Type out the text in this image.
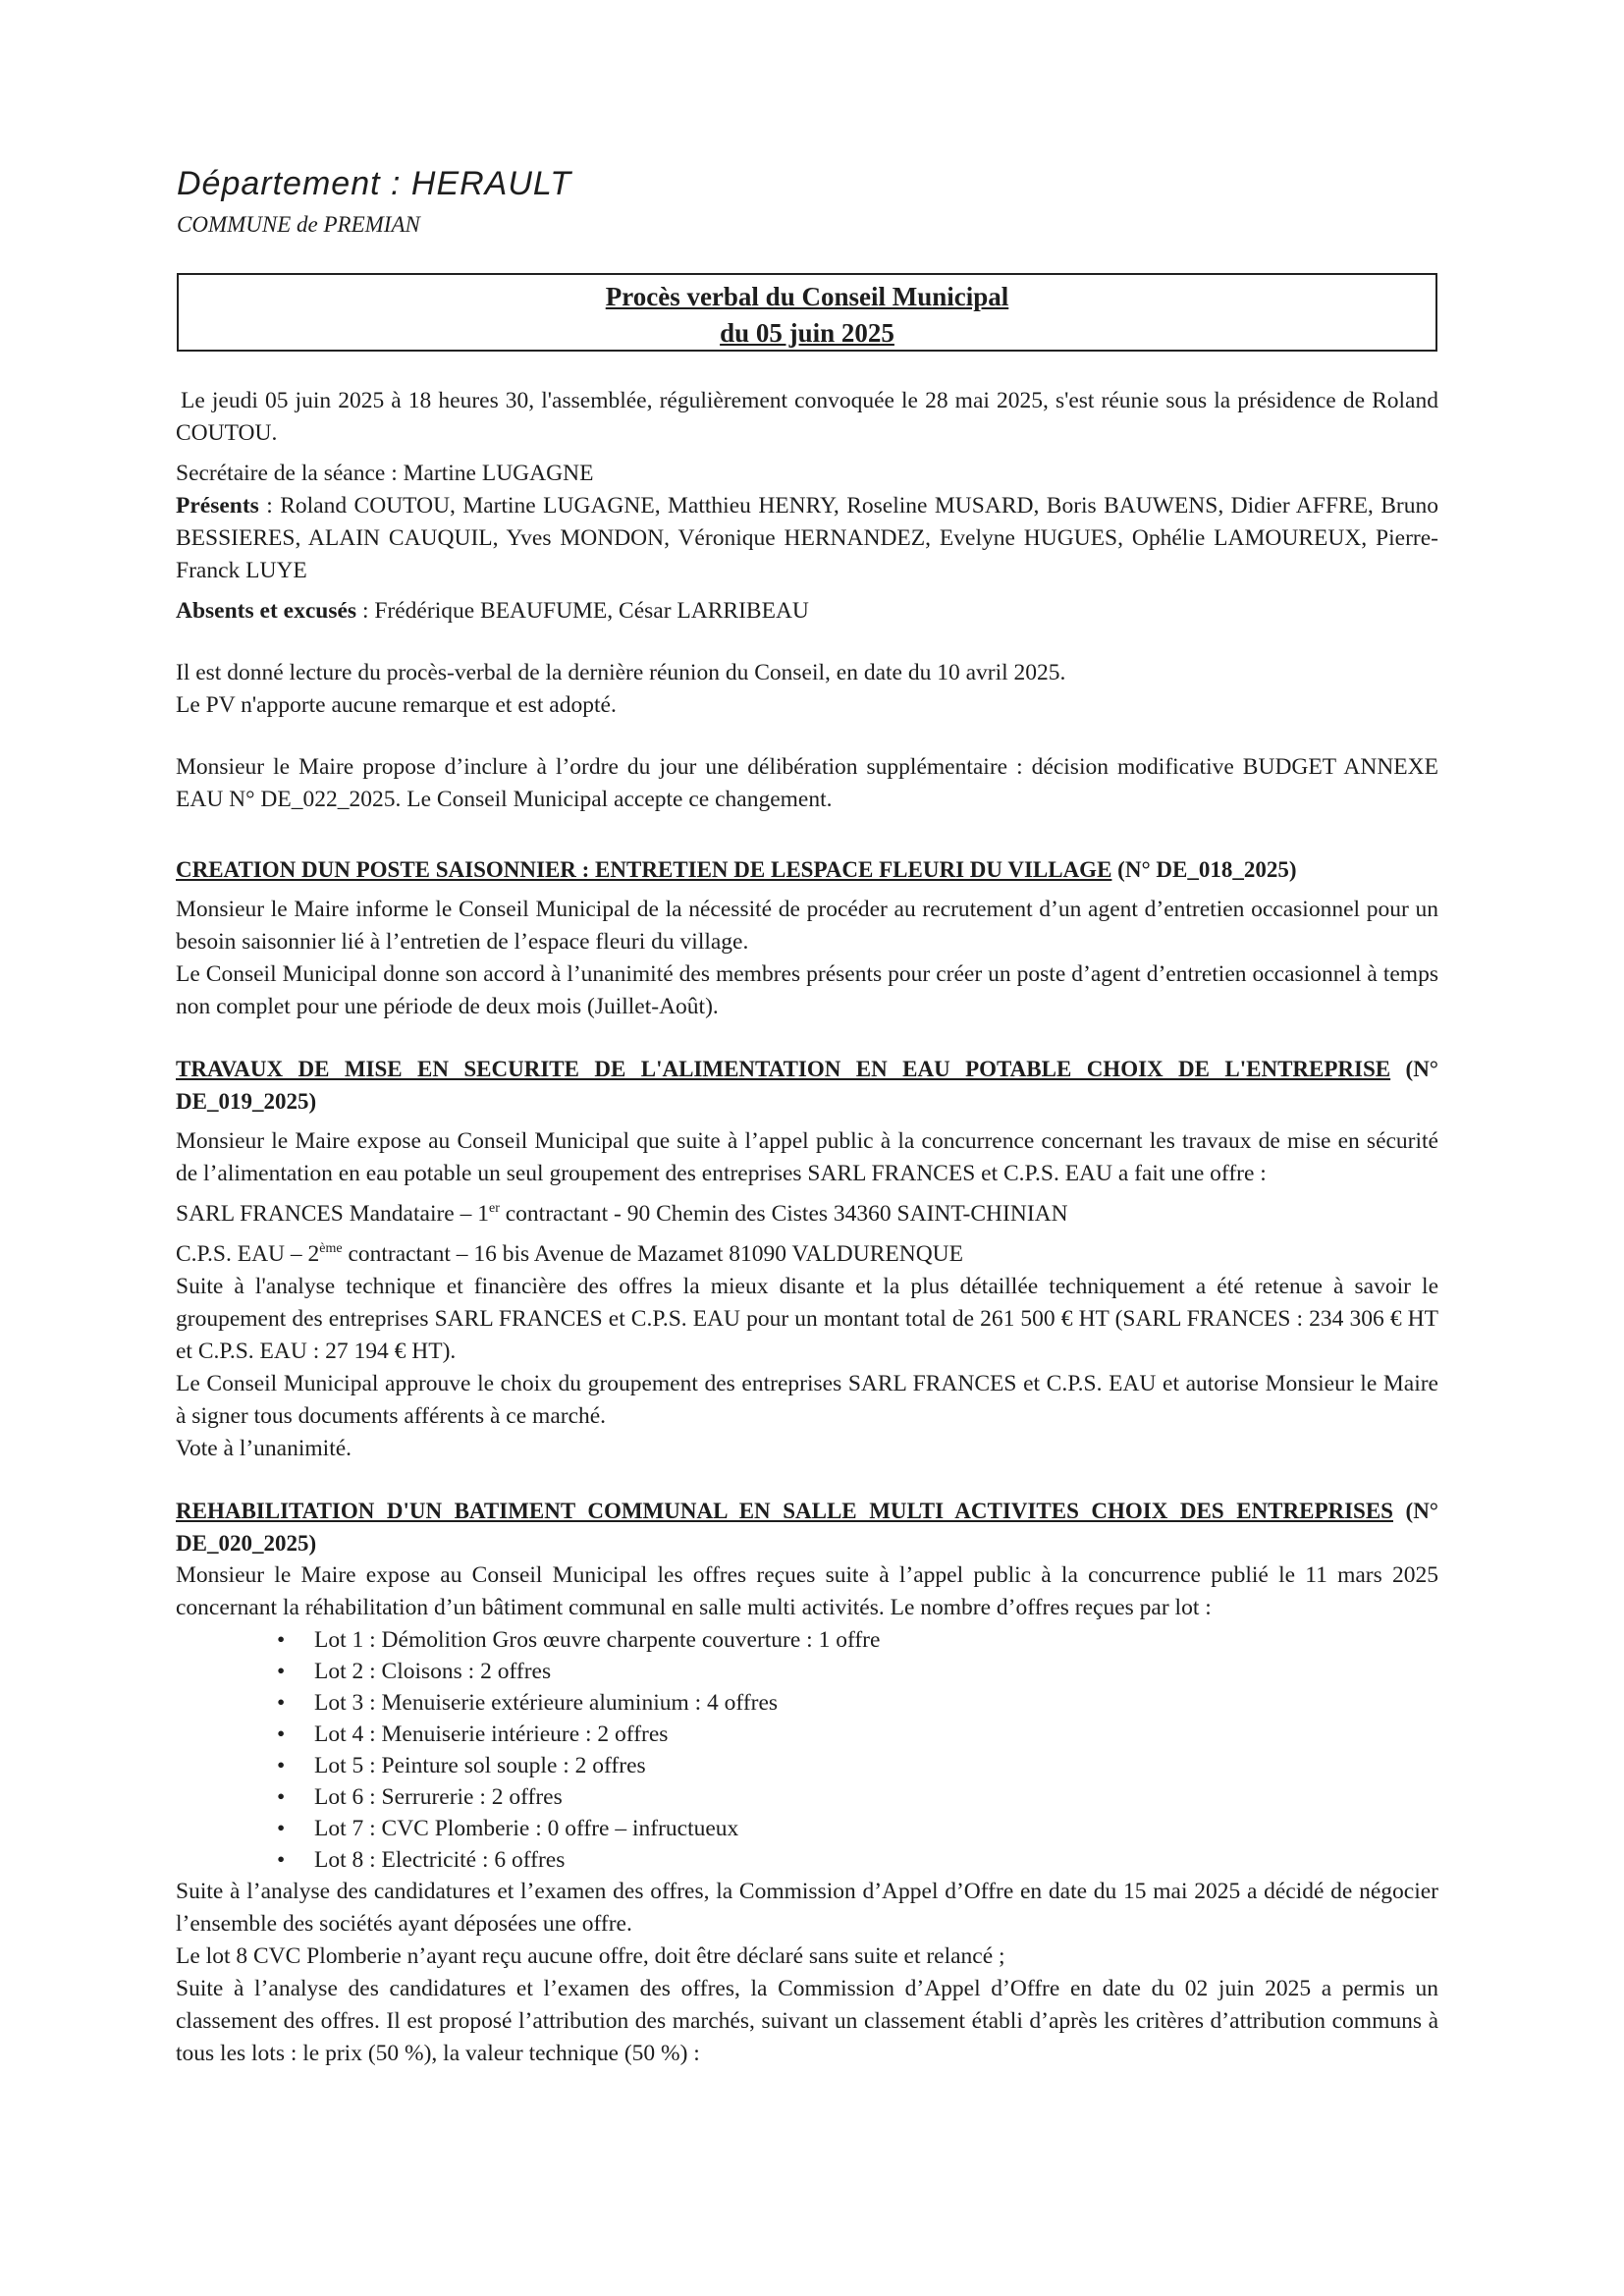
Département : HERAULT
COMMUNE de PREMIAN
Procès verbal du Conseil Municipal
du 05 juin 2025

Le jeudi 05 juin 2025 à 18 heures 30, l'assemblée, régulièrement convoquée le 28 mai 2025, s'est réunie sous la présidence de Roland COUTOU.

Secrétaire de la séance : Martine LUGAGNE

Présents : Roland COUTOU, Martine LUGAGNE, Matthieu HENRY, Roseline MUSARD, Boris BAUWENS, Didier AFFRE, Bruno BESSIERES, ALAIN CAUQUIL, Yves MONDON, Véronique HERNANDEZ, Evelyne HUGUES, Ophélie LAMOUREUX, Pierre-Franck LUYE

Absents et excusés : Frédérique BEAUFUME, César LARRIBEAU

Il est donné lecture du procès-verbal de la dernière réunion du Conseil, en date du 10 avril 2025.

Le PV n'apporte aucune remarque et est adopté.

Monsieur le Maire propose d’inclure à l’ordre du jour une délibération supplémentaire : décision modificative BUDGET ANNEXE EAU N° DE_022_2025. Le Conseil Municipal accepte ce changement.

CREATION DUN POSTE SAISONNIER : ENTRETIEN DE LESPACE FLEURI DU VILLAGE (N° DE_018_2025)

Monsieur le Maire informe le Conseil Municipal de la nécessité de procéder au recrutement d’un agent d’entretien occasionnel pour un besoin saisonnier lié à l’entretien de l’espace fleuri du village.

Le Conseil Municipal donne son accord à l’unanimité des membres présents pour créer un poste d’agent d’entretien occasionnel à temps non complet pour une période de deux mois (Juillet-Août).

TRAVAUX DE MISE EN SECURITE DE L'ALIMENTATION EN EAU POTABLE CHOIX DE L'ENTREPRISE (N° DE_019_2025)

Monsieur le Maire expose au Conseil Municipal que suite à l’appel public à la concurrence concernant les travaux de mise en sécurité de l’alimentation en eau potable un seul groupement des entreprises SARL FRANCES et C.P.S. EAU a fait une offre :

SARL FRANCES Mandataire – 1er contractant - 90 Chemin des Cistes 34360 SAINT-CHINIAN

C.P.S. EAU – 2ème contractant – 16 bis Avenue de Mazamet 81090 VALDURENQUE

Suite à l'analyse technique et financière des offres la mieux disante et la plus détaillée techniquement a été retenue à savoir le groupement des entreprises SARL FRANCES et C.P.S. EAU pour un montant total de 261 500 € HT (SARL FRANCES : 234 306 € HT et C.P.S. EAU : 27 194 € HT).

Le Conseil Municipal approuve le choix du groupement des entreprises SARL FRANCES et C.P.S. EAU et autorise Monsieur le Maire à signer tous documents afférents à ce marché.

Vote à l’unanimité.

REHABILITATION D'UN BATIMENT COMMUNAL EN SALLE MULTI ACTIVITES CHOIX DES ENTREPRISES (N° DE_020_2025)

Monsieur le Maire expose au Conseil Municipal les offres reçues suite à l’appel public à la concurrence publié le 11 mars 2025 concernant la réhabilitation d’un bâtiment communal en salle multi activités. Le nombre d’offres reçues par lot :

• Lot 1 : Démolition Gros œuvre charpente couverture : 1 offre
• Lot 2 : Cloisons : 2 offres
• Lot 3 : Menuiserie extérieure aluminium : 4 offres
• Lot 4 : Menuiserie intérieure : 2 offres
• Lot 5 : Peinture sol souple : 2 offres
• Lot 6 : Serrurerie : 2 offres
• Lot 7 : CVC Plomberie : 0 offre – infructueux
• Lot 8 : Electricité : 6 offres

Suite à l’analyse des candidatures et l’examen des offres, la Commission d’Appel d’Offre en date du 15 mai 2025 a décidé de négocier l’ensemble des sociétés ayant déposées une offre.

Le lot 8 CVC Plomberie n’ayant reçu aucune offre, doit être déclaré sans suite et relancé ;

Suite à l’analyse des candidatures et l’examen des offres, la Commission d’Appel d’Offre en date du 02 juin 2025 a permis un classement des offres. Il est proposé l’attribution des marchés, suivant un classement établi d’après les critères d’attribution communs à tous les lots : le prix (50 %), la valeur technique (50 %) :
